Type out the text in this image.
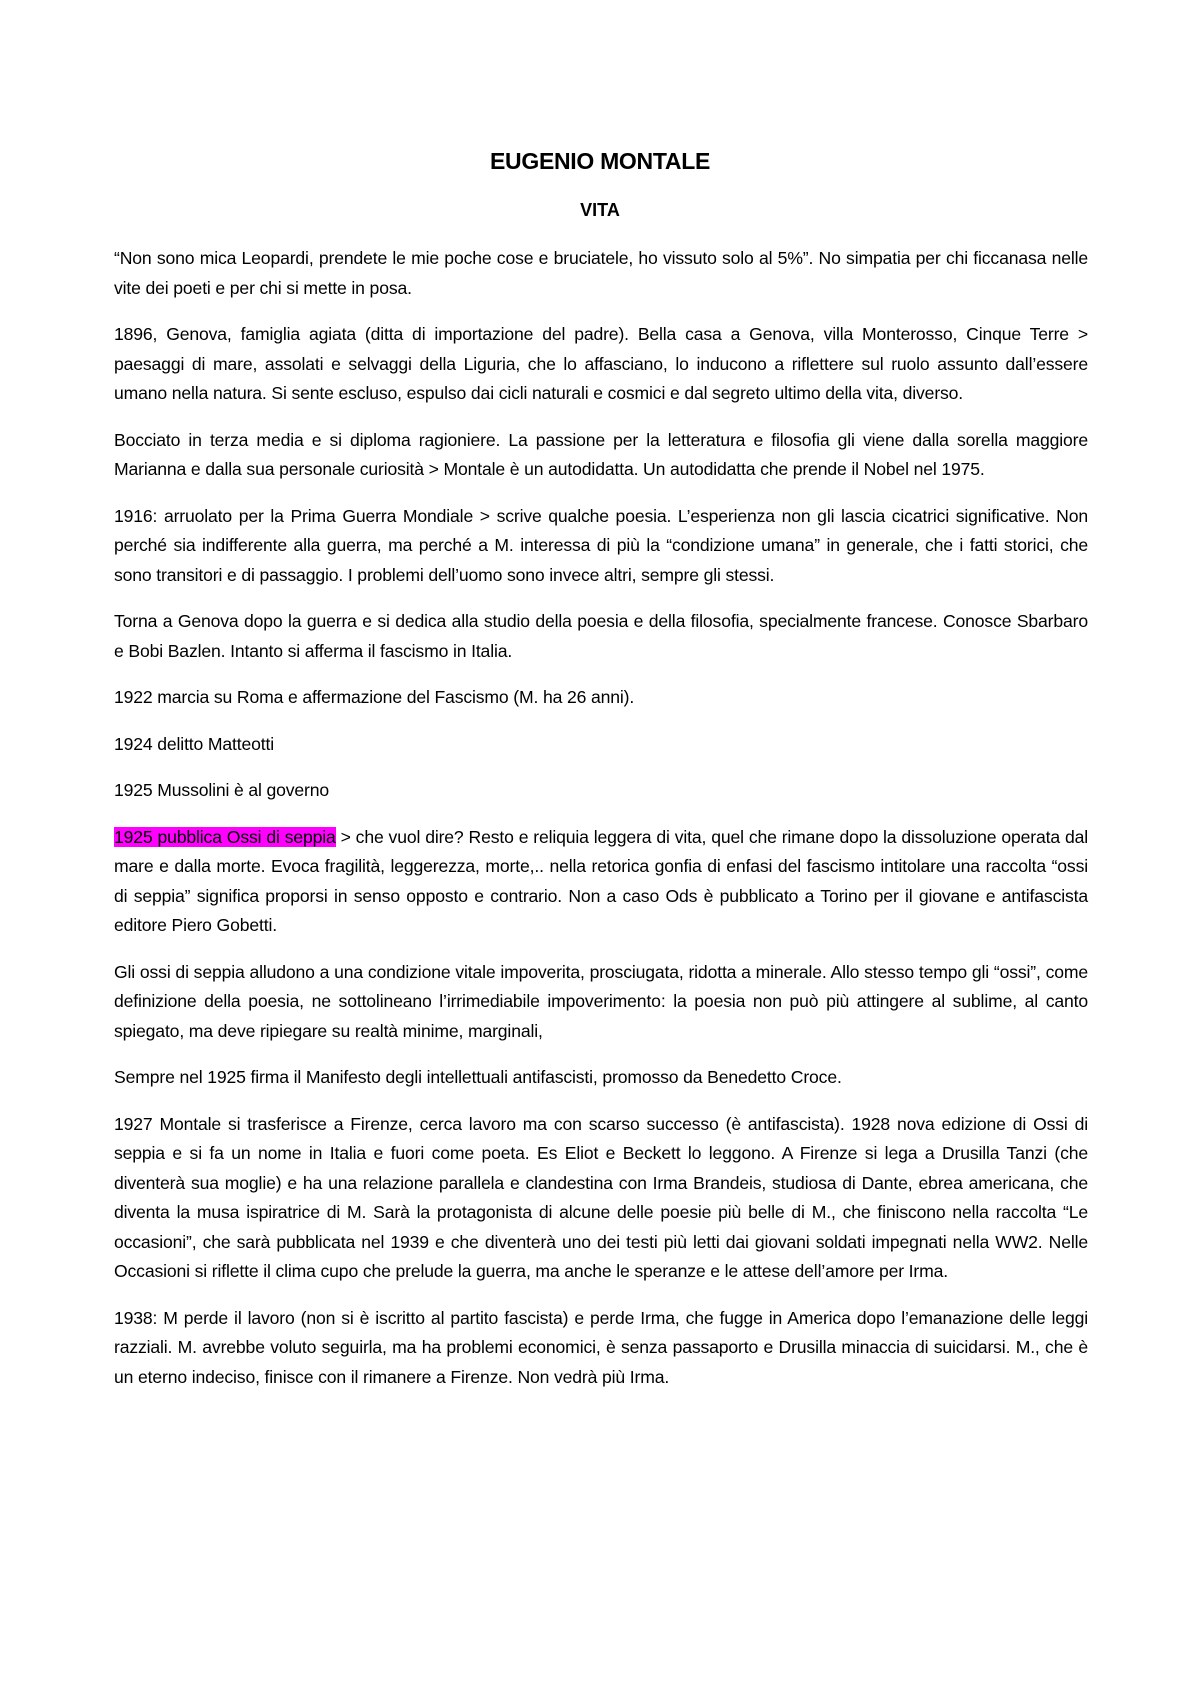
EUGENIO MONTALE
VITA

“Non sono mica Leopardi, prendete le mie poche cose e bruciatele, ho vissuto solo al 5%”. No simpatia per chi ficcanasa nelle vite dei poeti e per chi si mette in posa.

1896, Genova, famiglia agiata (ditta di importazione del padre). Bella casa a Genova, villa Monterosso, Cinque Terre > paesaggi di mare, assolati e selvaggi della Liguria, che lo affasciano, lo inducono a riflettere sul ruolo assunto dall’essere umano nella natura. Si sente escluso, espulso dai cicli naturali e cosmici e dal segreto ultimo della vita, diverso.

Bocciato in terza media e si diploma ragioniere. La passione per la letteratura e filosofia gli viene dalla sorella maggiore Marianna e dalla sua personale curiosità > Montale è un autodidatta. Un autodidatta che prende il Nobel nel 1975.

1916: arruolato per la Prima Guerra Mondiale > scrive qualche poesia. L’esperienza non gli lascia cicatrici significative. Non perché sia indifferente alla guerra, ma perché a M. interessa di più la “condizione umana” in generale, che i fatti storici, che sono transitori e di passaggio. I problemi dell’uomo sono invece altri, sempre gli stessi.

Torna a Genova dopo la guerra e si dedica alla studio della poesia e della filosofia, specialmente francese. Conosce Sbarbaro e Bobi Bazlen. Intanto si afferma il fascismo in Italia.

1922 marcia su Roma e affermazione del Fascismo (M. ha 26 anni).

1924 delitto Matteotti

1925 Mussolini è al governo

1925 pubblica Ossi di seppia > che vuol dire? Resto e reliquia leggera di vita, quel che rimane dopo la dissoluzione operata dal mare e dalla morte. Evoca fragilità, leggerezza, morte,.. nella retorica gonfia di enfasi del fascismo intitolare una raccolta “ossi di seppia” significa proporsi in senso opposto e contrario. Non a caso Ods è pubblicato a Torino per il giovane e antifascista editore Piero Gobetti.

Gli ossi di seppia alludono a una condizione vitale impoverita, prosciugata, ridotta a minerale. Allo stesso tempo gli “ossi”, come definizione della poesia, ne sottolineano l’irrimediabile impoverimento: la poesia non può più attingere al sublime, al canto spiegato, ma deve ripiegare su realtà minime, marginali,

Sempre nel 1925 firma il Manifesto degli intellettuali antifascisti, promosso da Benedetto Croce.

1927 Montale si trasferisce a Firenze, cerca lavoro ma con scarso successo (è antifascista). 1928 nova edizione di Ossi di seppia e si fa un nome in Italia e fuori come poeta. Es Eliot e Beckett lo leggono. A Firenze si lega a Drusilla Tanzi (che diventerà sua moglie) e ha una relazione parallela e clandestina con Irma Brandeis, studiosa di Dante, ebrea americana, che diventa la musa ispiratrice di M. Sarà la protagonista di alcune delle poesie più belle di M., che finiscono nella raccolta “Le occasioni”, che sarà pubblicata nel 1939 e che diventerà uno dei testi più letti dai giovani soldati impegnati nella WW2. Nelle Occasioni si riflette il clima cupo che prelude la guerra, ma anche le speranze e le attese dell’amore per Irma.

1938: M perde il lavoro (non si è iscritto al partito fascista) e perde Irma, che fugge in America dopo l’emanazione delle leggi razziali. M. avrebbe voluto seguirla, ma ha problemi economici, è senza passaporto e Drusilla minaccia di suicidarsi. M., che è un eterno indeciso, finisce con il rimanere a Firenze. Non vedrà più Irma.
